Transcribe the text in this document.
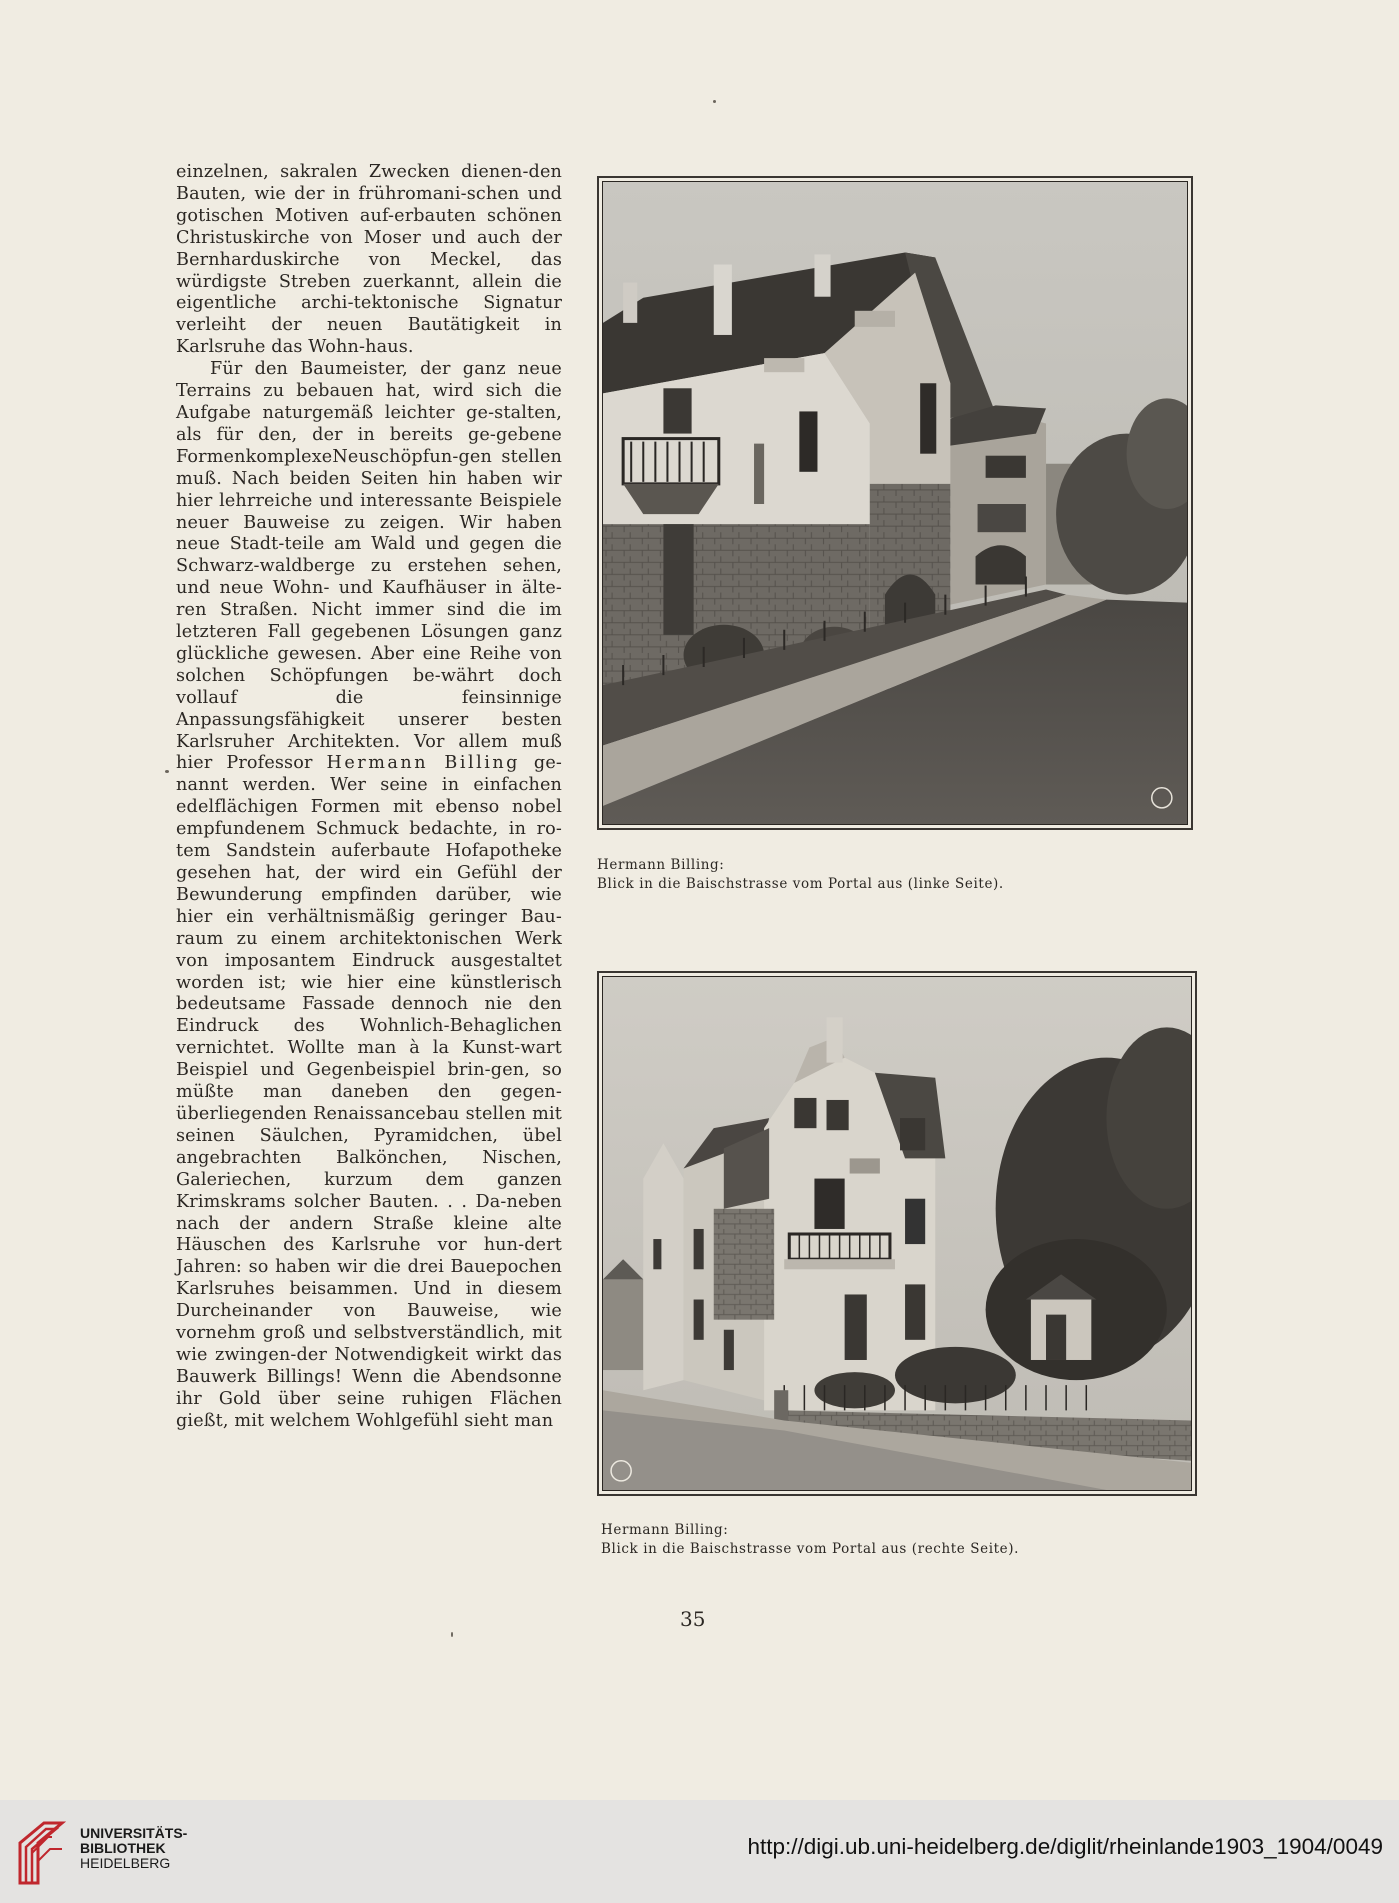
einzelnen, sakralen Zwecken dienen-den Bauten, wie der in frühromani-schen und gotischen Motiven auf-erbauten schönen Christuskirche von Moser und auch der Bernharduskirche von Meckel, das würdigste Streben zuerkannt, allein die eigentliche archi-tektonische Signatur verleiht der neuen Bautätigkeit in Karlsruhe das Wohn-haus.

Für den Baumeister, der ganz neue Terrains zu bebauen hat, wird sich die Aufgabe naturgemäß leichter ge-stalten, als für den, der in bereits ge-gebene FormenkomplexeNeuschöpfun-gen stellen muß. Nach beiden Seiten hin haben wir hier lehrreiche und interessante Beispiele neuer Bauweise zu zeigen. Wir haben neue Stadt-teile am Wald und gegen die Schwarz-waldberge zu erstehen sehen, und neue Wohn- und Kaufhäuser in älte-ren Straßen. Nicht immer sind die im letzteren Fall gegebenen Lösungen ganz glückliche gewesen. Aber eine Reihe von solchen Schöpfungen be-währt doch vollauf die feinsinnige Anpassungsfähigkeit unserer besten Karlsruher Architekten. Vor allem muß hier Professor Hermann Billing ge-nannt werden. Wer seine in einfachen edelflächigen Formen mit ebenso nobel empfundenem Schmuck bedachte, in ro-tem Sandstein auferbaute Hofapotheke gesehen hat, der wird ein Gefühl der Bewunderung empfinden darüber, wie hier ein verhältnismäßig geringer Bau-raum zu einem architektonischen Werk von imposantem Eindruck ausgestaltet worden ist; wie hier eine künstlerisch bedeutsame Fassade dennoch nie den Eindruck des Wohnlich-Behaglichen vernichtet. Wollte man à la Kunst-wart Beispiel und Gegenbeispiel brin-gen, so müßte man daneben den gegen-überliegenden Renaissancebau stellen mit seinen Säulchen, Pyramidchen, übel angebrachten Balkönchen, Nischen, Galeriechen, kurzum dem ganzen Krimskrams solcher Bauten. . . Da-neben nach der andern Straße kleine alte Häuschen des Karlsruhe vor hun-dert Jahren: so haben wir die drei Bauepochen Karlsruhes beisammen. Und in diesem Durcheinander von Bauweise, wie vornehm groß und selbstverständlich, mit wie zwingen-der Notwendigkeit wirkt das Bauwerk Billings! Wenn die Abendsonne ihr Gold über seine ruhigen Flächen gießt, mit welchem Wohlgefühl sieht man

Hermann Billing:
Blick in die Baischstrasse vom Portal aus (linke Seite).
Hermann Billing:
Blick in die Baischstrasse vom Portal aus (rechte Seite).
35
UNIVERSITÄTS-
BIBLIOTHEK
HEIDELBERG
http://digi.ub.uni-heidelberg.de/diglit/rheinlande1903_1904/0049
